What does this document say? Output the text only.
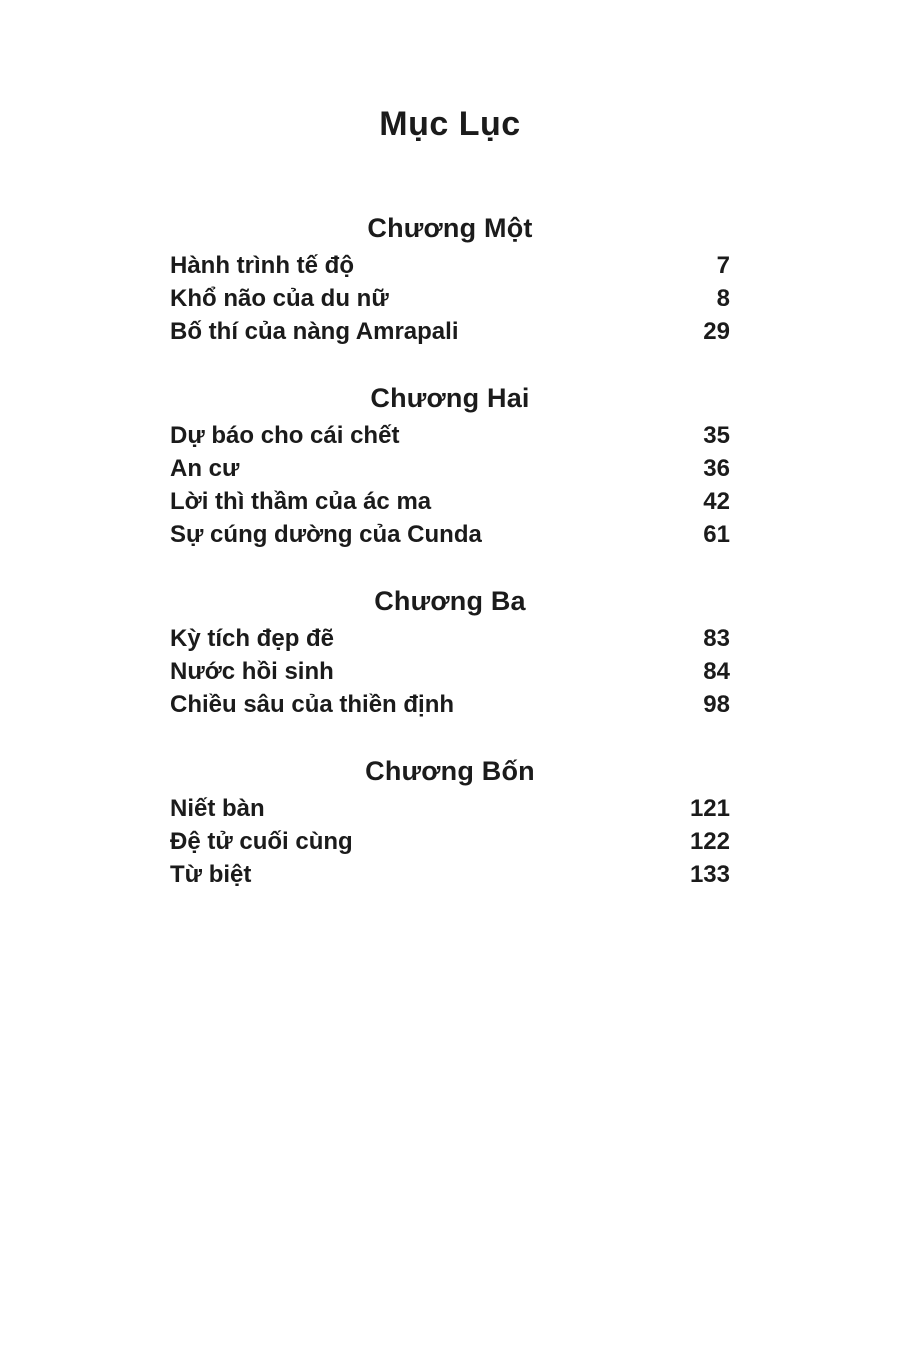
Mục Lục
Chương Một
Hành trình tế độ	7
Khổ não của du nữ	8
Bố thí của nàng Amrapali	29
Chương Hai
Dự báo cho cái chết	35
An cư	36
Lời thì thầm của ác ma	42
Sự cúng dường của Cunda	61
Chương Ba
Kỳ tích đẹp đẽ	83
Nước hồi sinh	84
Chiều sâu của thiền định	98
Chương Bốn
Niết bàn	121
Đệ tử cuối cùng	122
Từ biệt	133
